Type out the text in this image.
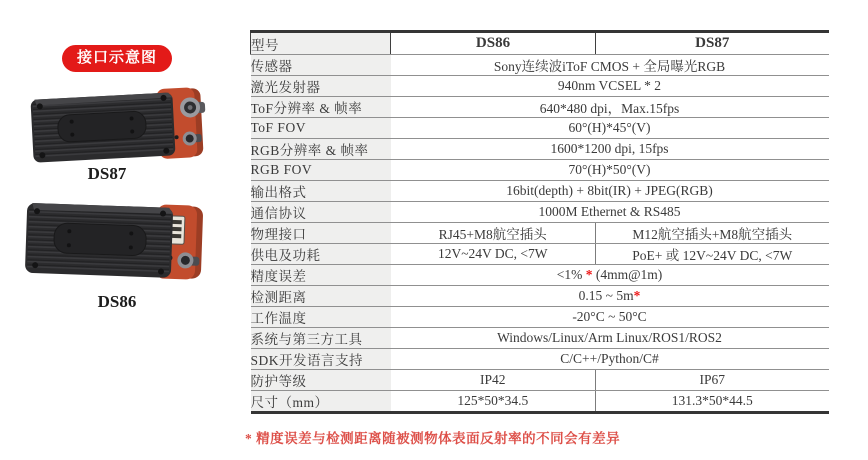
接口示意图
DS87
DS86
型号	DS86	DS87
传感器	Sony连续波iToF CMOS + 全局曝光RGB	
激光发射器	940nm VCSEL * 2	
ToF分辨率 & 帧率	640*480 dpi，Max.15fps	
ToF FOV	60°(H)*45°(V)	
RGB分辨率 & 帧率	1600*1200 dpi, 15fps	
RGB FOV	70°(H)*50°(V)	
输出格式	16bit(depth) + 8bit(IR) + JPEG(RGB)	
通信协议	1000M Ethernet & RS485	
物理接口	RJ45+M8航空插头	M12航空插头+M8航空插头
供电及功耗	12V~24V DC, <7W	PoE+ 或 12V~24V DC, <7W
精度误差	<1% * (4mm@1m)	
检测距离	0.15 ~ 5m*	
工作温度	-20°C ~ 50°C	
系统与第三方工具	Windows/Linux/Arm Linux/ROS1/ROS2	
SDK开发语言支持	C/C++/Python/C#	
防护等级	IP42	IP67
尺寸（mm）	125*50*34.5	131.3*50*44.5
* 精度误差与检测距离随被测物体表面反射率的不同会有差异
